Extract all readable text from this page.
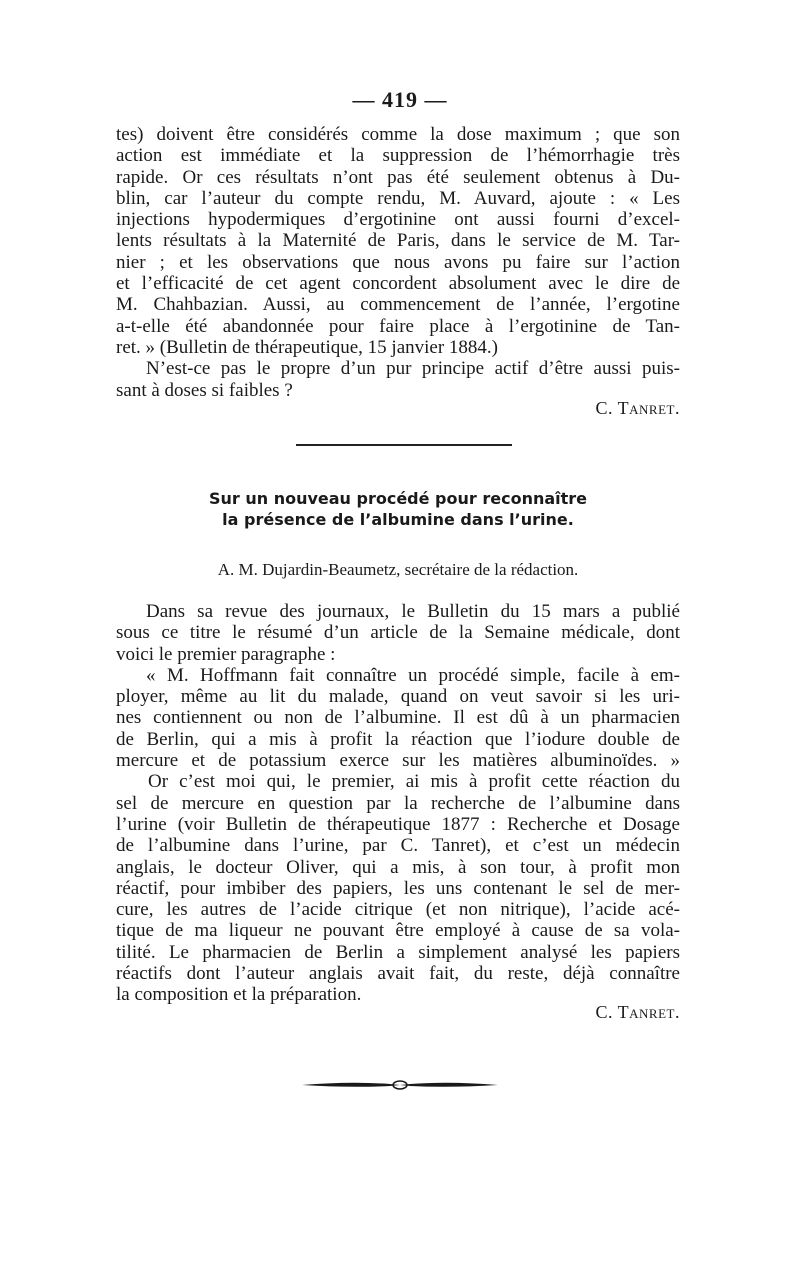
— 419 —
tes) doivent être considérés comme la dose maximum ; que son
action est immédiate et la suppression de l’hémorrhagie très
rapide. Or ces résultats n’ont pas été seulement obtenus à Du-
blin, car l’auteur du compte rendu, M. Auvard, ajoute : « Les
injections hypodermiques d’ergotinine ont aussi fourni d’excel-
lents résultats à la Maternité de Paris, dans le service de M. Tar-
nier ; et les observations que nous avons pu faire sur l’action
et l’efficacité de cet agent concordent absolument avec le dire de
M. Chahbazian. Aussi, au commencement de l’année, l’ergotine
a-t-elle été abandonnée pour faire place à l’ergotinine de Tan-
ret. » (Bulletin de thérapeutique, 15 janvier 1884.)
N’est-ce pas le propre d’un pur principe actif d’être aussi puis-
sant à doses si faibles ?
C. Tanret.
Sur un nouveau procédé pour reconnaître
la présence de l’albumine dans l’urine.
A. M. Dujardin-Beaumetz, secrétaire de la rédaction.
Dans sa revue des journaux, le Bulletin du 15 mars a publié
sous ce titre le résumé d’un article de la Semaine médicale, dont
voici le premier paragraphe :
« M. Hoffmann fait connaître un procédé simple, facile à em-
ployer, même au lit du malade, quand on veut savoir si les uri-
nes contiennent ou non de l’albumine. Il est dû à un pharmacien
de Berlin, qui a mis à profit la réaction que l’iodure double de
mercure et de potassium exerce sur les matières albuminoïdes. »
Or c’est moi qui, le premier, ai mis à profit cette réaction du
sel de mercure en question par la recherche de l’albumine dans
l’urine (voir Bulletin de thérapeutique 1877 : Recherche et Dosage
de l’albumine dans l’urine, par C. Tanret), et c’est un médecin
anglais, le docteur Oliver, qui a mis, à son tour, à profit mon
réactif, pour imbiber des papiers, les uns contenant le sel de mer-
cure, les autres de l’acide citrique (et non nitrique), l’acide acé-
tique de ma liqueur ne pouvant être employé à cause de sa vola-
tilité. Le pharmacien de Berlin a simplement analysé les papiers
réactifs dont l’auteur anglais avait fait, du reste, déjà connaître
la composition et la préparation.
C. Tanret.
